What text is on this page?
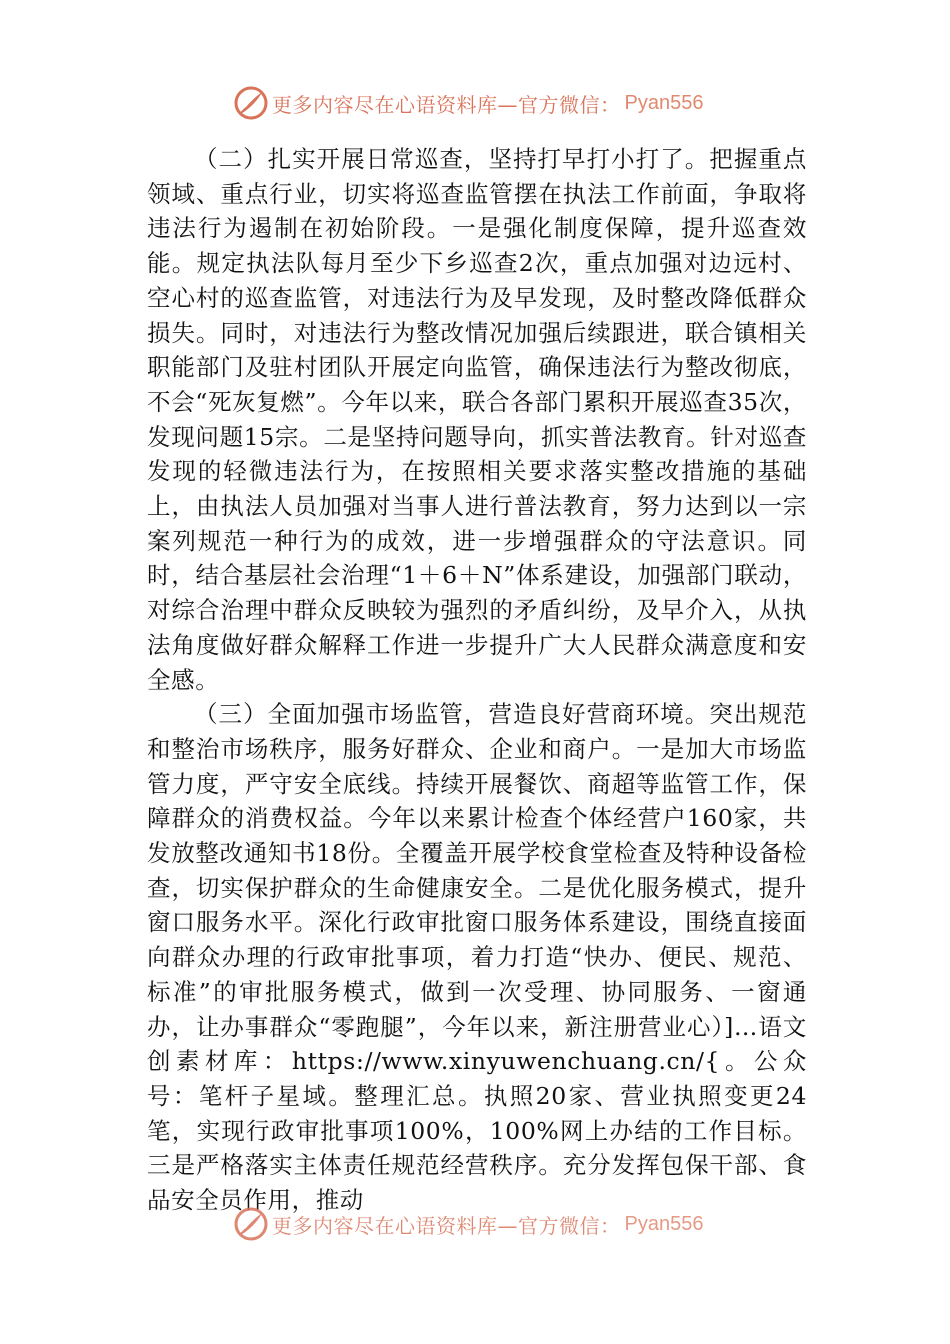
更多内容尽在心语资料库—官方微信： Pyan556

（二）扎实开展日常巡查，坚持打早打小打了。把握重点领域、重点行业，切实将巡查监管摆在执法工作前面，争取将违法行为遏制在初始阶段。一是强化制度保障，提升巡查效能。规定执法队每月至少下乡巡查2次，重点加强对边远村、空心村的巡查监管，对违法行为及早发现，及时整改降低群众损失。同时，对违法行为整改情况加强后续跟进，联合镇相关职能部门及驻村团队开展定向监管，确保违法行为整改彻底，不会“死灰复燃”。今年以来，联合各部门累积开展巡查35次，发现问题15宗。二是坚持问题导向，抓实普法教育。针对巡查发现的轻微违法行为，在按照相关要求落实整改措施的基础上，由执法人员加强对当事人进行普法教育，努力达到以一宗案列规范一种行为的成效，进一步增强群众的守法意识。同时，结合基层社会治理“1＋6＋N”体系建设，加强部门联动，对综合治理中群众反映较为强烈的矛盾纠纷，及早介入，从执法角度做好群众解释工作进一步提升广大人民群众满意度和安全感。

（三）全面加强市场监管，营造良好营商环境。突出规范和整治市场秩序，服务好群众、企业和商户。一是加大市场监管力度，严守安全底线。持续开展餐饮、商超等监管工作，保障群众的消费权益。今年以来累计检查个体经营户160家，共发放整改通知书18份。全覆盖开展学校食堂检查及特种设备检查，切实保护群众的生命健康安全。二是优化服务模式，提升窗口服务水平。深化行政审批窗口服务体系建设，围绕直接面向群众办理的行政审批事项，着力打造“快办、便民、规范、标准”的审批服务模式，做到一次受理、协同服务、一窗通办，让办事群众“零跑腿”，今年以来，新注册营业心）]…语文创素材库：https://www.xinyuwenchuang.cn/{。公众号：笔杆子星域。整理汇总。执照20家、营业执照变更24笔，实现行政审批事项100%，100%网上办结的工作目标。三是严格落实主体责任规范经营秩序。充分发挥包保干部、食品安全员作用，推动

更多内容尽在心语资料库—官方微信： Pyan556
